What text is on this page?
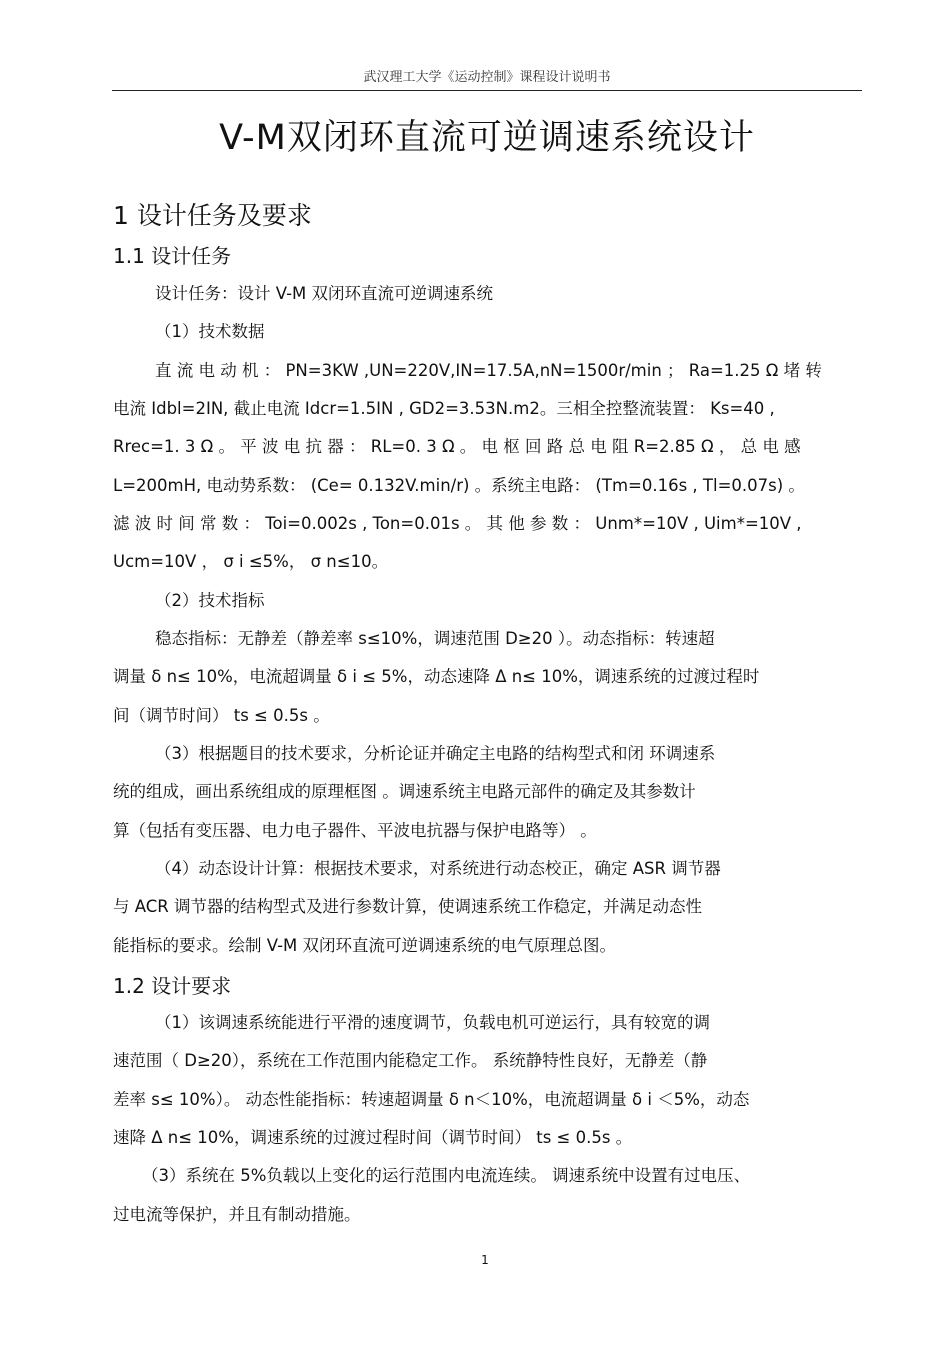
武汉理工大学《运动控制》课程设计说明书
V-M双闭环直流可逆调速系统设计
1 设计任务及要求
1.1 设计任务
设计任务：设计 V-M 双闭环直流可逆调速系统
（1）技术数据
直 流 电 动 机 ： PN=3KW ,UN=220V,IN=17.5A,nN=1500r/min ； Ra=1.25 Ω 堵 转
电流 Idbl=2IN, 截止电流 Idcr=1.5IN , GD2=3.53N.m2。三相全控整流装置： Ks=40 ,
Rrec=1. 3 Ω 。 平 波 电 抗 器 ： RL=0. 3 Ω 。 电 枢 回 路 总 电 阻 R=2.85 Ω ， 总 电 感
L=200mH, 电动势系数： (Ce= 0.132V.min/r) 。系统主电路： (Tm=0.16s , Tl=0.07s) 。
滤 波 时 间 常 数 ： Toi=0.002s , Ton=0.01s 。 其 他 参 数 ： Unm*=10V , Uim*=10V ,
Ucm=10V ， σ i ≤5%， σ n≤10。
（2）技术指标
稳态指标：无静差（静差率 s≤10%，调速范围 D≥20 ）。动态指标：转速超
调量 δ n≤ 10%，电流超调量 δ i ≤ 5%，动态速降 Δ n≤ 10%，调速系统的过渡过程时
间（调节时间） ts ≤ 0.5s 。
（3）根据题目的技术要求，分析论证并确定主电路的结构型式和闭 环调速系
统的组成，画出系统组成的原理框图 。调速系统主电路元部件的确定及其参数计
算（包括有变压器、电力电子器件、平波电抗器与保护电路等） 。
（4）动态设计计算：根据技术要求，对系统进行动态校正，确定 ASR 调节器
与 ACR 调节器的结构型式及进行参数计算，使调速系统工作稳定，并满足动态性
能指标的要求。绘制 V-M 双闭环直流可逆调速系统的电气原理总图。
1.2 设计要求
（1）该调速系统能进行平滑的速度调节，负载电机可逆运行，具有较宽的调
速范围（ D≥20），系统在工作范围内能稳定工作。 系统静特性良好，无静差（静
差率 s≤ 10%）。 动态性能指标：转速超调量 δ n＜10%，电流超调量 δ i ＜5%，动态
速降 Δ n≤ 10%，调速系统的过渡过程时间（调节时间） ts ≤ 0.5s 。
（3）系统在 5%负载以上变化的运行范围内电流连续。 调速系统中设置有过电压、
过电流等保护，并且有制动措施。
1
